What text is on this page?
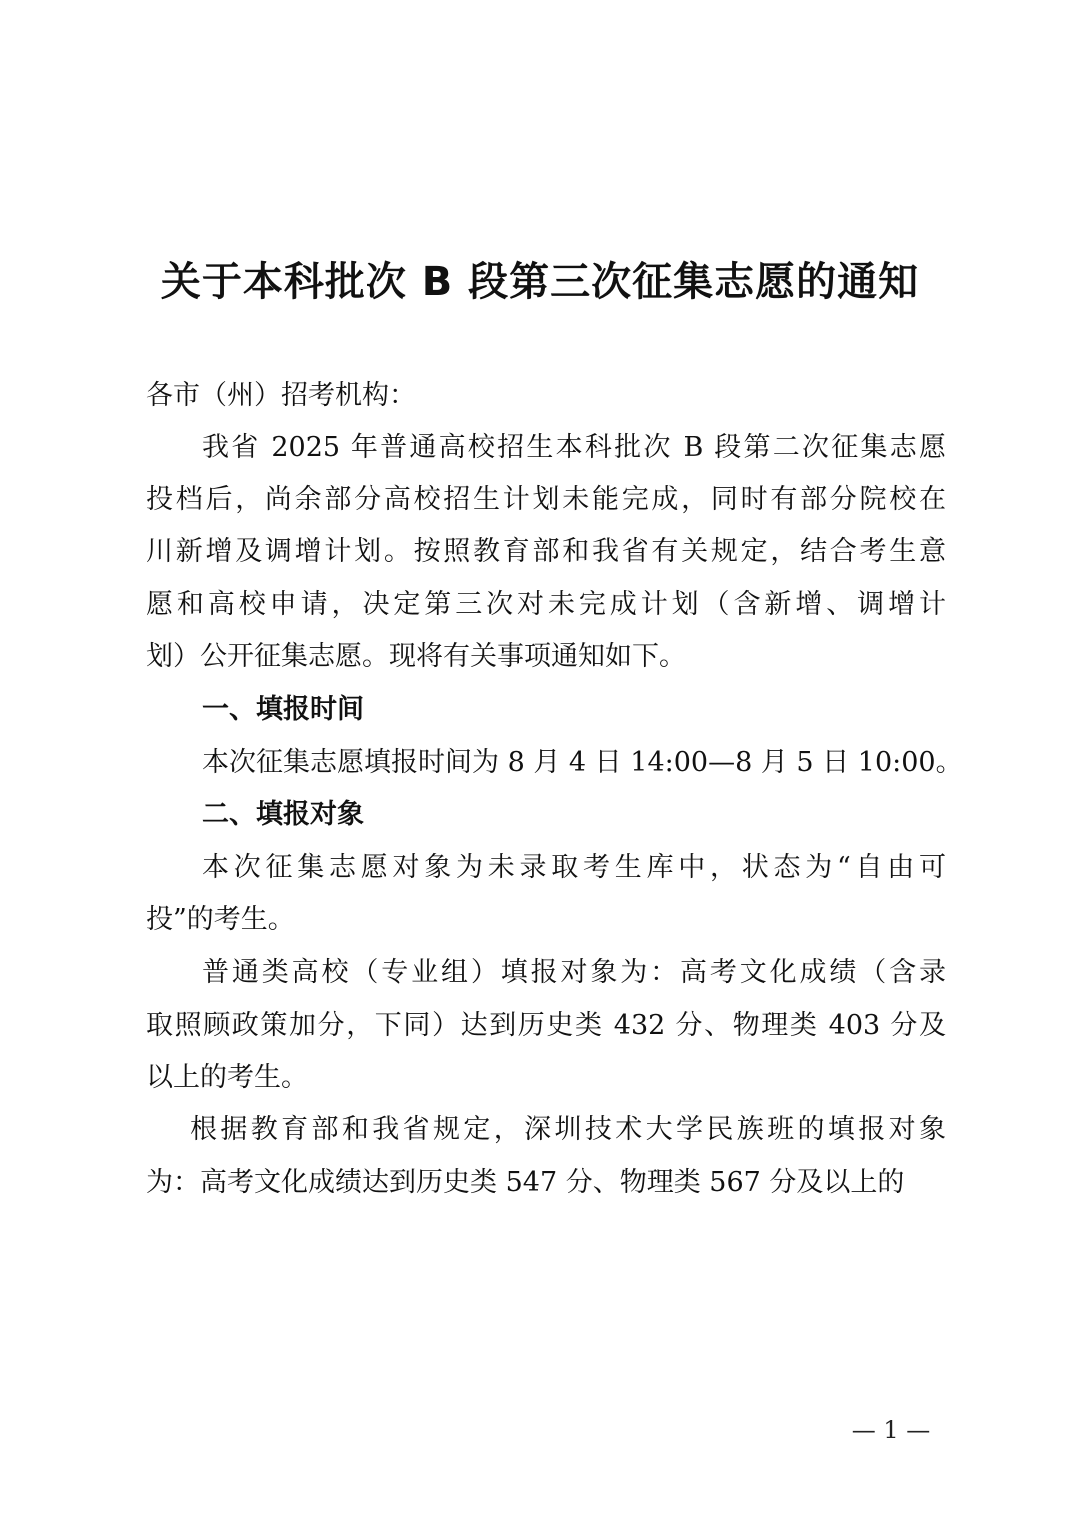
关于本科批次 B 段第三次征集志愿的通知
各市（州）招考机构：
我省 2025 年普通高校招生本科批次 B 段第二次征集志愿
投档后，尚余部分高校招生计划未能完成，同时有部分院校在
川新增及调增计划。按照教育部和我省有关规定，结合考生意
愿和高校申请，决定第三次对未完成计划（含新增、调增计
划）公开征集志愿。现将有关事项通知如下。
一、填报时间
本次征集志愿填报时间为 8 月 4 日 14:00—8 月 5 日 10:00。
二、填报对象
本次征集志愿对象为未录取考生库中，状态为“自由可
投”的考生。
普通类高校（专业组）填报对象为：高考文化成绩（含录
取照顾政策加分，下同）达到历史类 432 分、物理类 403 分及
以上的考生。
根据教育部和我省规定，深圳技术大学民族班的填报对象
为：高考文化成绩达到历史类 547 分、物理类 567 分及以上的
— 1 —
